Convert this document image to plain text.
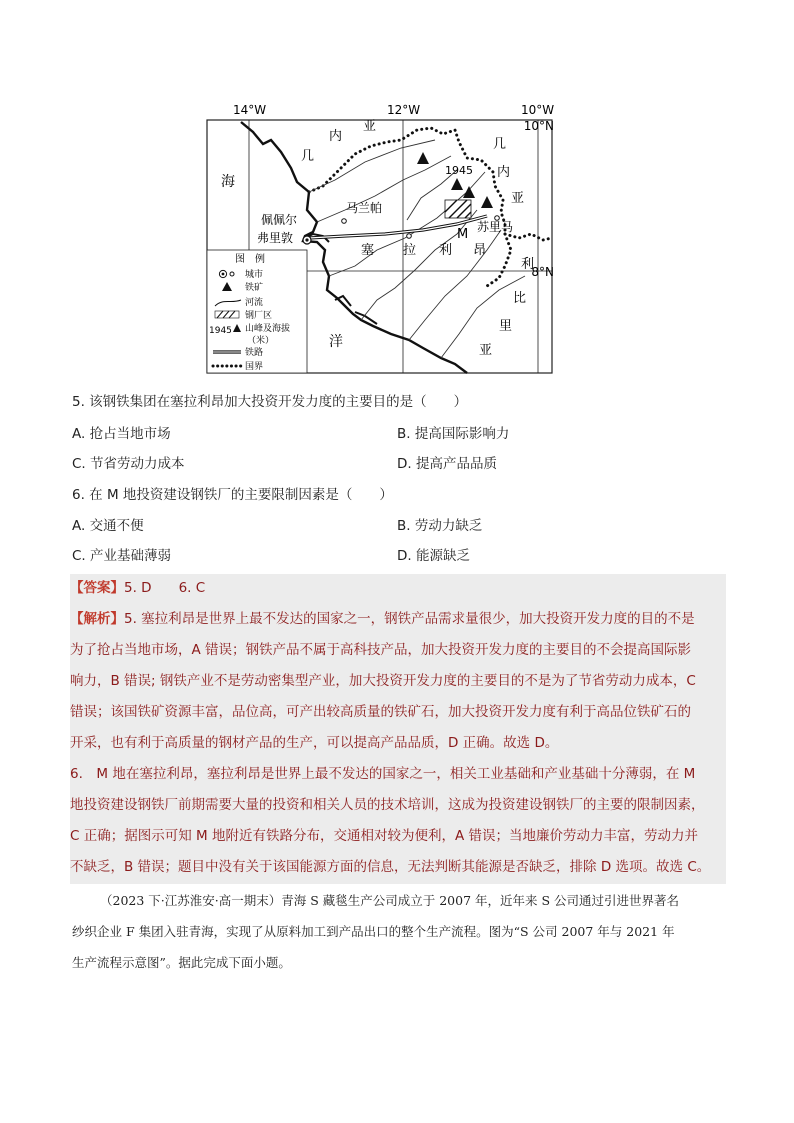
14°W	12°W	10°W
10°N
8°N
1945
马兰帕
佩佩尔
弗里敦	M 苏里马
几
内
亚
几
内
亚
海
塞 拉 利 昂
利
比
里
亚
洋
图　例
城市
铁矿
河流
钢厂区
1945 山峰及海拔
（米）
铁路
国界
5. 该钢铁集团在塞拉利昂加大投资开发力度的主要目的是（　　）
A. 抢占当地市场	B. 提高国际影响力
C. 节省劳动力成本	D. 提高产品品质
6. 在 M 地投资建设钢铁厂的主要限制因素是（　　）
A. 交通不便	B. 劳动力缺乏
C. 产业基础薄弱	D. 能源缺乏
【答案】5. D　　6. C
【解析】5. 塞拉利昂是世界上最不发达的国家之一，钢铁产品需求量很少，加大投资开发力度的目的不是
为了抢占当地市场，A 错误；钢铁产品不属于高科技产品，加大投资开发力度的主要目的不会提高国际影
响力，B 错误; 钢铁产业不是劳动密集型产业，加大投资开发力度的主要目的不是为了节省劳动力成本，C
错误；该国铁矿资源丰富，品位高，可产出较高质量的铁矿石，加大投资开发力度有利于高品位铁矿石的
开采，也有利于高质量的钢材产品的生产，可以提高产品品质，D 正确。故选 D。
6.　M 地在塞拉利昂，塞拉利昂是世界上最不发达的国家之一，相关工业基础和产业基础十分薄弱，在 M
地投资建设钢铁厂前期需要大量的投资和相关人员的技术培训，这成为投资建设钢铁厂的主要的限制因素，
C 正确；据图示可知 M 地附近有铁路分布，交通相对较为便利，A 错误；当地廉价劳动力丰富，劳动力并
不缺乏，B 错误；题目中没有关于该国能源方面的信息，无法判断其能源是否缺乏，排除 D 选项。故选 C。
（2023 下·江苏淮安·高一期末）青海 S 藏毯生产公司成立于 2007 年，近年来 S 公司通过引进世界著名
纱织企业 F 集团入驻青海，实现了从原料加工到产品出口的整个生产流程。图为“S 公司 2007 年与 2021 年
生产流程示意图”。据此完成下面小题。
